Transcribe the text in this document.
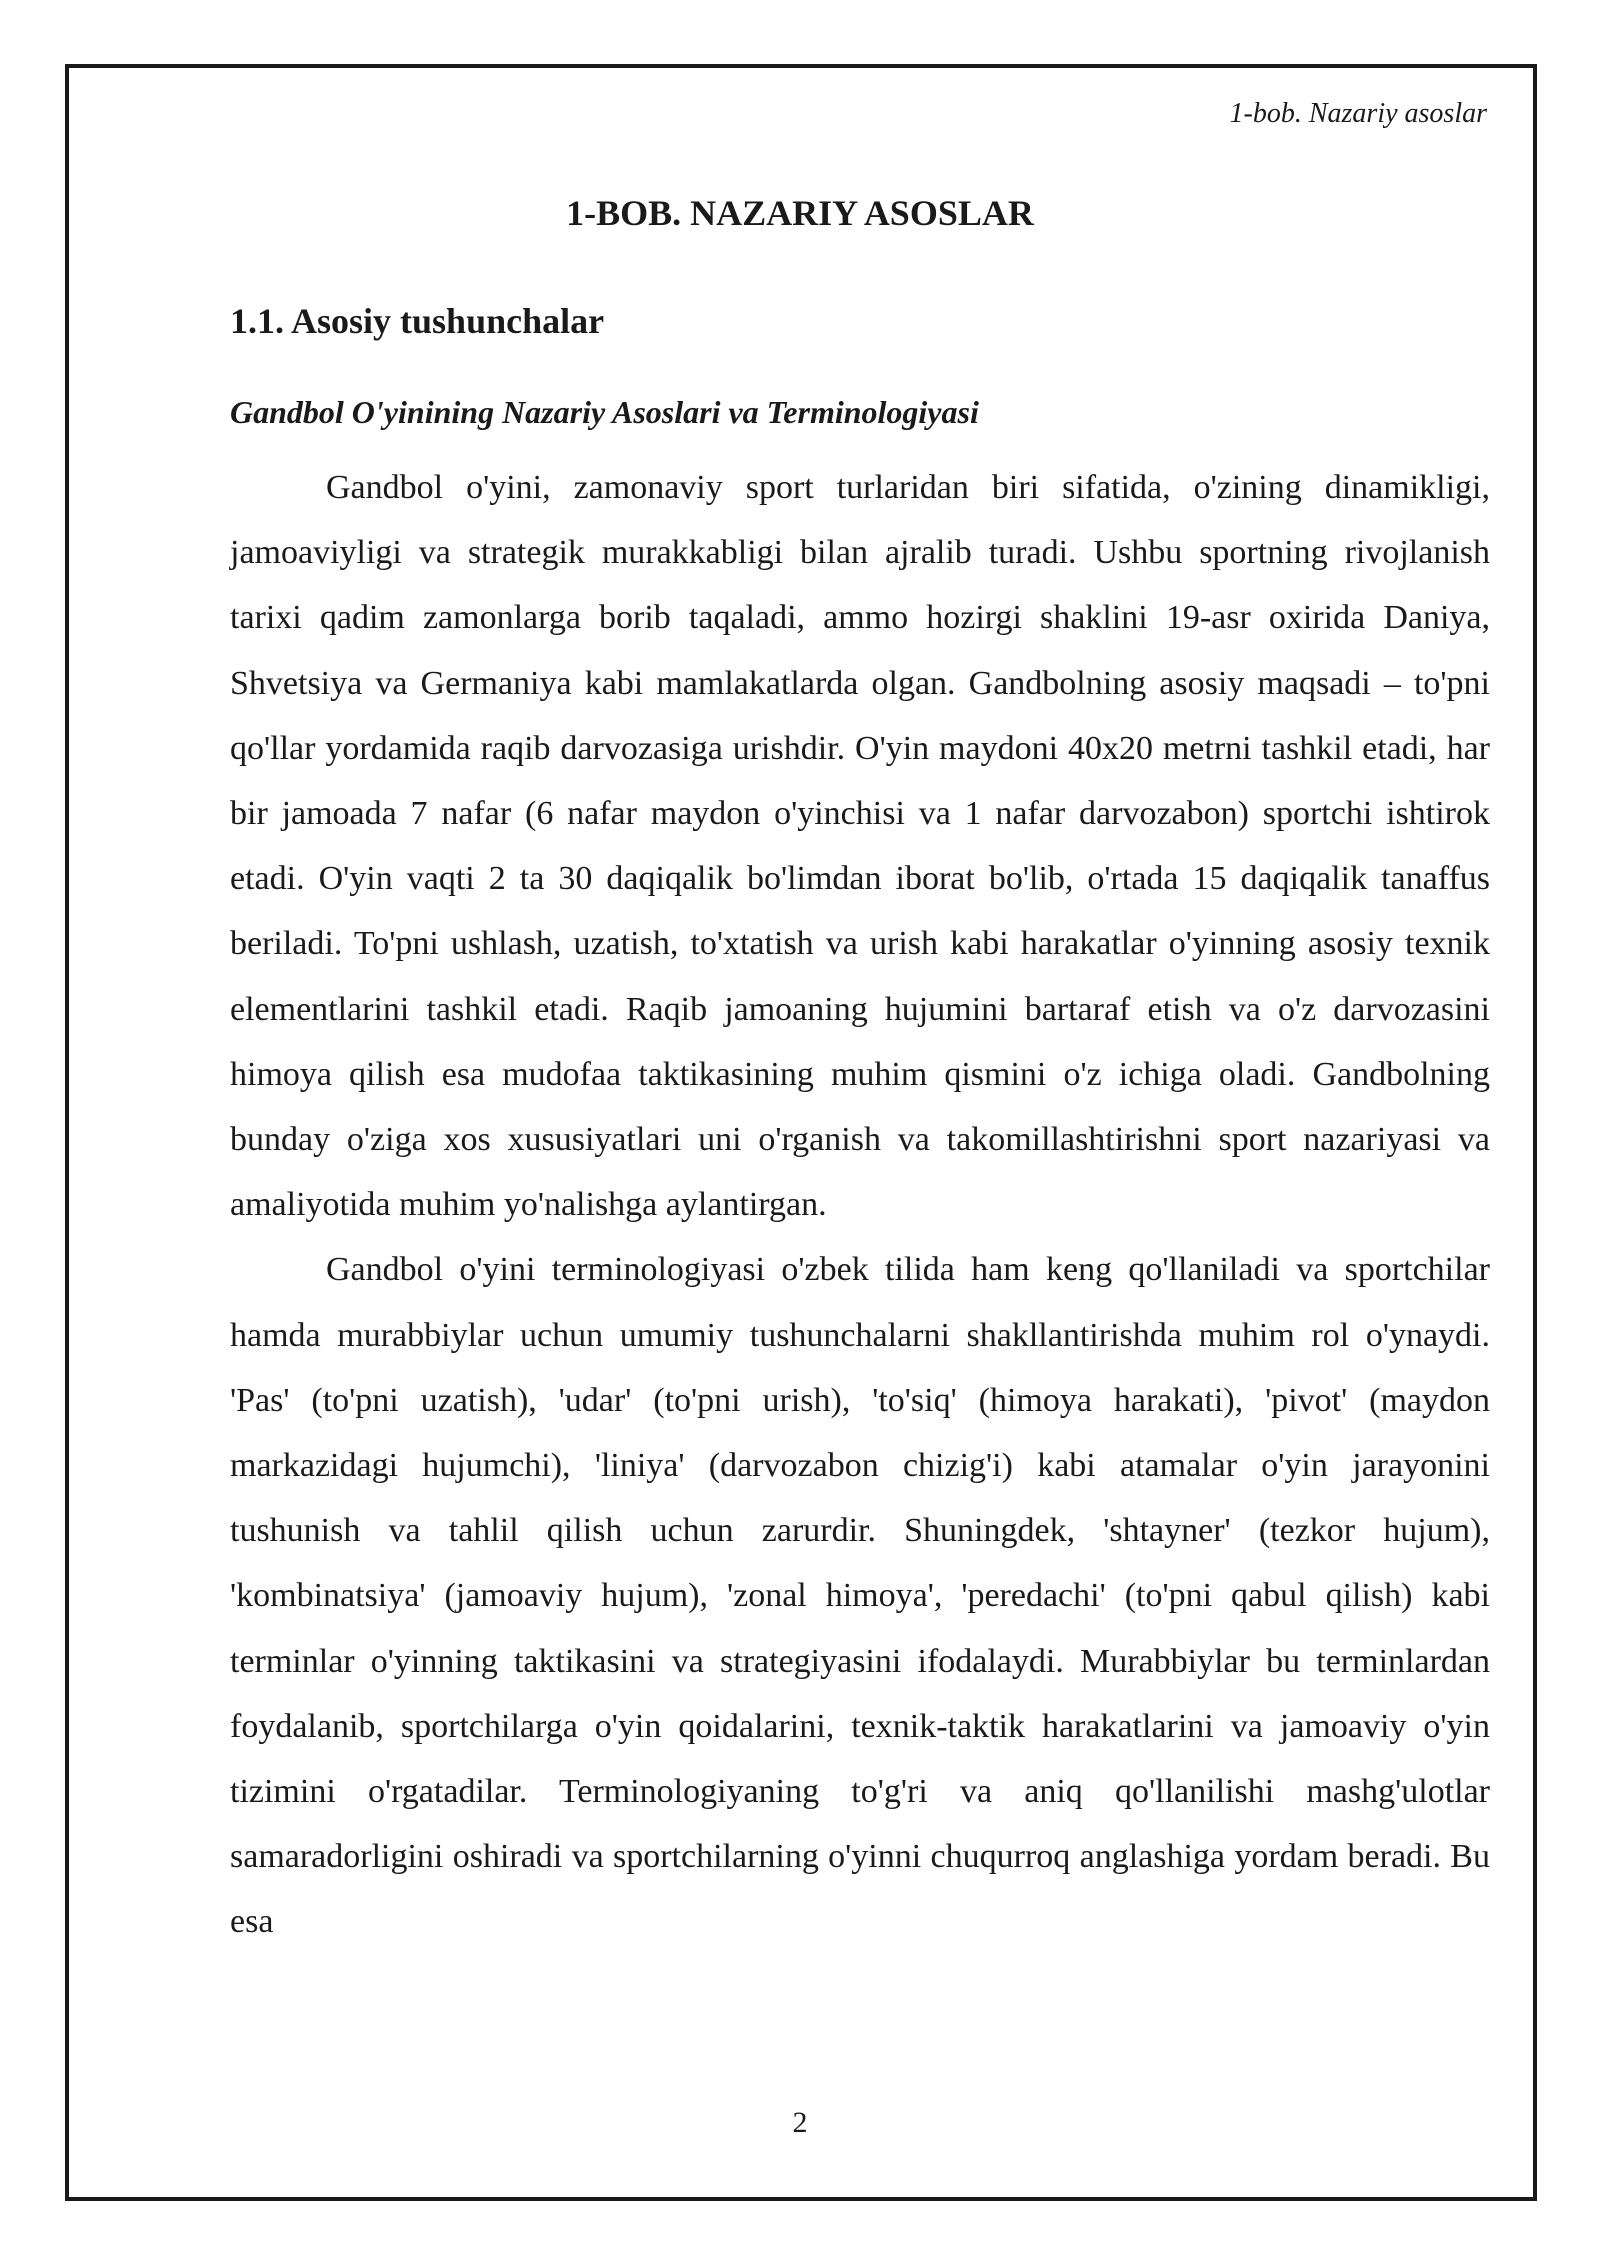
1-bob. Nazariy asoslar
1-BOB. NAZARIY ASOSLAR
1.1. Asosiy tushunchalar
Gandbol O'yinining Nazariy Asoslari va Terminologiyasi

Gandbol o'yini, zamonaviy sport turlaridan biri sifatida, o'zining dinamikligi, jamoaviyligi va strategik murakkabligi bilan ajralib turadi. Ushbu sportning rivojlanish tarixi qadim zamonlarga borib taqaladi, ammo hozirgi shaklini 19-asr oxirida Daniya, Shvetsiya va Germaniya kabi mamlakatlarda olgan. Gandbolning asosiy maqsadi – to'pni qo'llar yordamida raqib darvozasiga urishdir. O'yin maydoni 40x20 metrni tashkil etadi, har bir jamoada 7 nafar (6 nafar maydon o'yinchisi va 1 nafar darvozabon) sportchi ishtirok etadi. O'yin vaqti 2 ta 30 daqiqalik bo'limdan iborat bo'lib, o'rtada 15 daqiqalik tanaffus beriladi. To'pni ushlash, uzatish, to'xtatish va urish kabi harakatlar o'yinning asosiy texnik elementlarini tashkil etadi. Raqib jamoaning hujumini bartaraf etish va o'z darvozasini himoya qilish esa mudofaa taktikasining muhim qismini o'z ichiga oladi. Gandbolning bunday o'ziga xos xususiyatlari uni o'rganish va takomillashtirishni sport nazariyasi va amaliyotida muhim yo'nalishga aylantirgan.

Gandbol o'yini terminologiyasi o'zbek tilida ham keng qo'llaniladi va sportchilar hamda murabbiylar uchun umumiy tushunchalarni shakllantirishda muhim rol o'ynaydi. 'Pas' (to'pni uzatish), 'udar' (to'pni urish), 'to'siq' (himoya harakati), 'pivot' (maydon markazidagi hujumchi), 'liniya' (darvozabon chizig'i) kabi atamalar o'yin jarayonini tushunish va tahlil qilish uchun zarurdir. Shuningdek, 'shtayner' (tezkor hujum), 'kombinatsiya' (jamoaviy hujum), 'zonal himoya', 'peredachi' (to'pni qabul qilish) kabi terminlar o'yinning taktikasini va strategiyasini ifodalaydi. Murabbiylar bu terminlardan foydalanib, sportchilarga o'yin qoidalarini, texnik-taktik harakatlarini va jamoaviy o'yin tizimini o'rgatadilar. Terminologiyaning to'g'ri va aniq qo'llanilishi mashg'ulotlar samaradorligini oshiradi va sportchilarning o'yinni chuqurroq anglashiga yordam beradi. Bu esa

2
